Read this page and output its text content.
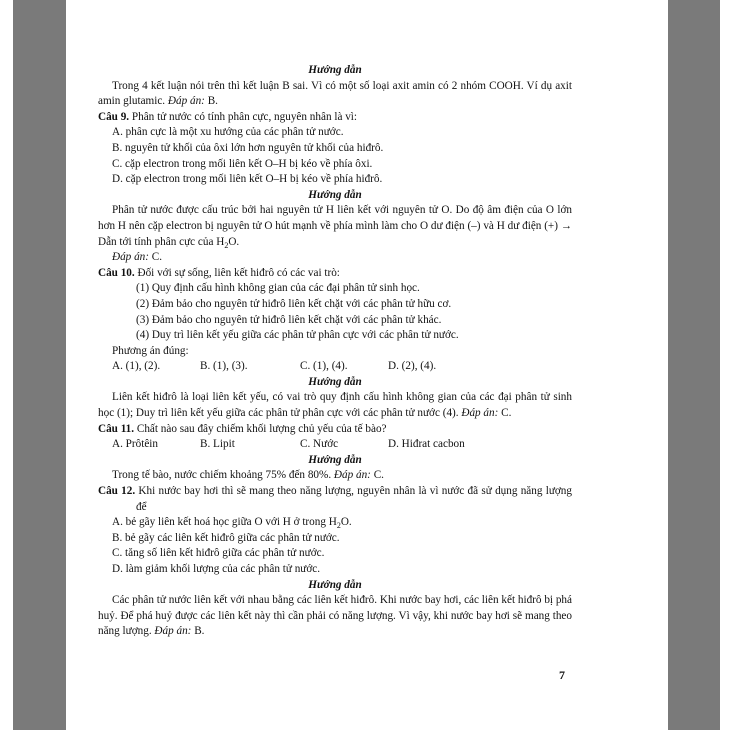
Hướng dẫn
Trong 4 kết luận nói trên thì kết luận B sai. Vì có một số loại axit amin có 2 nhóm COOH. Ví dụ axit amin glutamic. Đáp án: B.
Câu 9. Phân tử nước có tính phân cực, nguyên nhân là vì:
A. phân cực là một xu hướng của các phân tử nước.
B. nguyên tử khối của ôxi lớn hơn nguyên tử khối của hiđrô.
C. cặp electron trong mối liên kết O–H bị kéo về phía ôxi.
D. cặp electron trong mối liên kết O–H bị kéo về phía hiđrô.
Hướng dẫn
Phân tử nước được cấu trúc bởi hai nguyên tử H liên kết với nguyên tử O. Do độ âm điện của O lớn hơn H nên cặp electron bị nguyên tử O hút mạnh về phía mình làm cho O dư điện (–) và H dư điện (+) → Dẫn tới tính phân cực của $H_2O$.
Đáp án: C.
Câu 10. Đối với sự sống, liên kết hiđrô có các vai trò:
(1) Quy định cấu hình không gian của các đại phân tử sinh học.
(2) Đảm bảo cho nguyên tử hiđrô liên kết chặt với các phân tử hữu cơ.
(3) Đảm bảo cho nguyên tử hiđrô liên kết chặt với các phân tử khác.
(4) Duy trì liên kết yếu giữa các phân tử phân cực với các phân tử nước.
Phương án đúng:
A. (1), (2).	B. (1), (3).	C. (1), (4).	D. (2), (4).
Hướng dẫn
Liên kết hiđrô là loại liên kết yếu, có vai trò quy định cấu hình không gian của các đại phân tử sinh học (1); Duy trì liên kết yếu giữa các phân tử phân cực với các phân tử nước (4). Đáp án: C.
Câu 11. Chất nào sau đây chiếm khối lượng chủ yếu của tế bào?
A. Prôtêin	B. Lipit	C. Nước	D. Hiđrat cacbon
Hướng dẫn
Trong tế bào, nước chiếm khoảng 75% đến 80%. Đáp án: C.
Câu 12. Khi nước bay hơi thì sẽ mang theo năng lượng, nguyên nhân là vì nước đã sử dụng năng lượng để
A. bẻ gãy liên kết hoá học giữa O với H ở trong $H_2O$.
B. bẻ gãy các liên kết hiđrô giữa các phân tử nước.
C. tăng số liên kết hiđrô giữa các phân tử nước.
D. làm giảm khối lượng của các phân tử nước.
Hướng dẫn
Các phân tử nước liên kết với nhau bằng các liên kết hiđrô. Khi nước bay hơi, các liên kết hiđrô bị phá huỷ. Để phá huỷ được các liên kết này thì cần phải có năng lượng. Vì vậy, khi nước bay hơi sẽ mang theo năng lượng. Đáp án: B.
7
